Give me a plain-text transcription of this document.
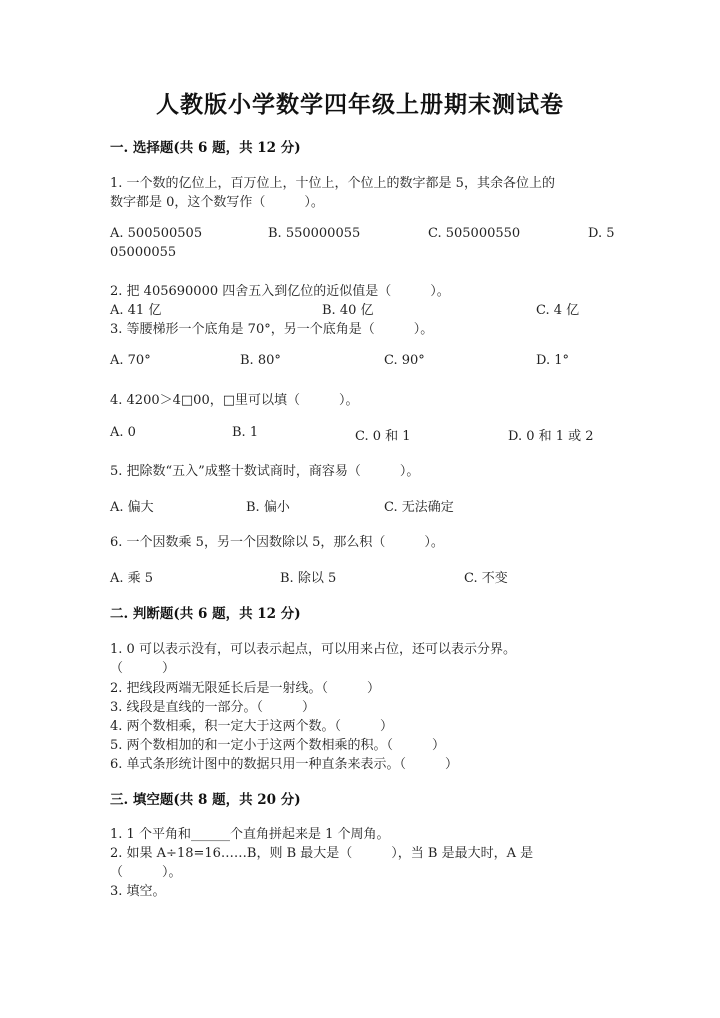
人教版小学数学四年级上册期末测试卷
一. 选择题(共 6 题，共 12 分)
1. 一个数的亿位上，百万位上，十位上，个位上的数字都是 5，其余各位上的
数字都是 0，这个数写作（　　　）。
A. 500500505	B. 550000055	C. 505000550	D. 5
05000055
2. 把 405690000 四舍五入到亿位的近似值是（　　　）。
A. 41 亿	B. 40 亿	C. 4 亿
3. 等腰梯形一个底角是 70°，另一个底角是（　　　）。
A. 70°	B. 80°	C. 90°	D. 1°
4. 4200＞4□00，□里可以填（　　　）。
A. 0	B. 1	C. 0 和 1	D. 0 和 1 或 2
5. 把除数“五入”成整十数试商时，商容易（　　　）。
A. 偏大	B. 偏小	C. 无法确定
6. 一个因数乘 5，另一个因数除以 5，那么积（　　　）。
A. 乘 5	B. 除以 5	C. 不变
二. 判断题(共 6 题，共 12 分)
1. 0 可以表示没有，可以表示起点，可以用来占位，还可以表示分界。
（　　　）
2. 把线段两端无限延长后是一射线。（　　　）
3. 线段是直线的一部分。（　　　）
4. 两个数相乘，积一定大于这两个数。（　　　）
5. 两个数相加的和一定小于这两个数相乘的积。（　　　）
6. 单式条形统计图中的数据只用一种直条来表示。（　　　）
三. 填空题(共 8 题，共 20 分)
1. 1 个平角和______个直角拼起来是 1 个周角。
2. 如果 A÷18=16……B，则 B 最大是（　　　），当 B 是最大时，A 是
（　　　）。
3. 填空。
